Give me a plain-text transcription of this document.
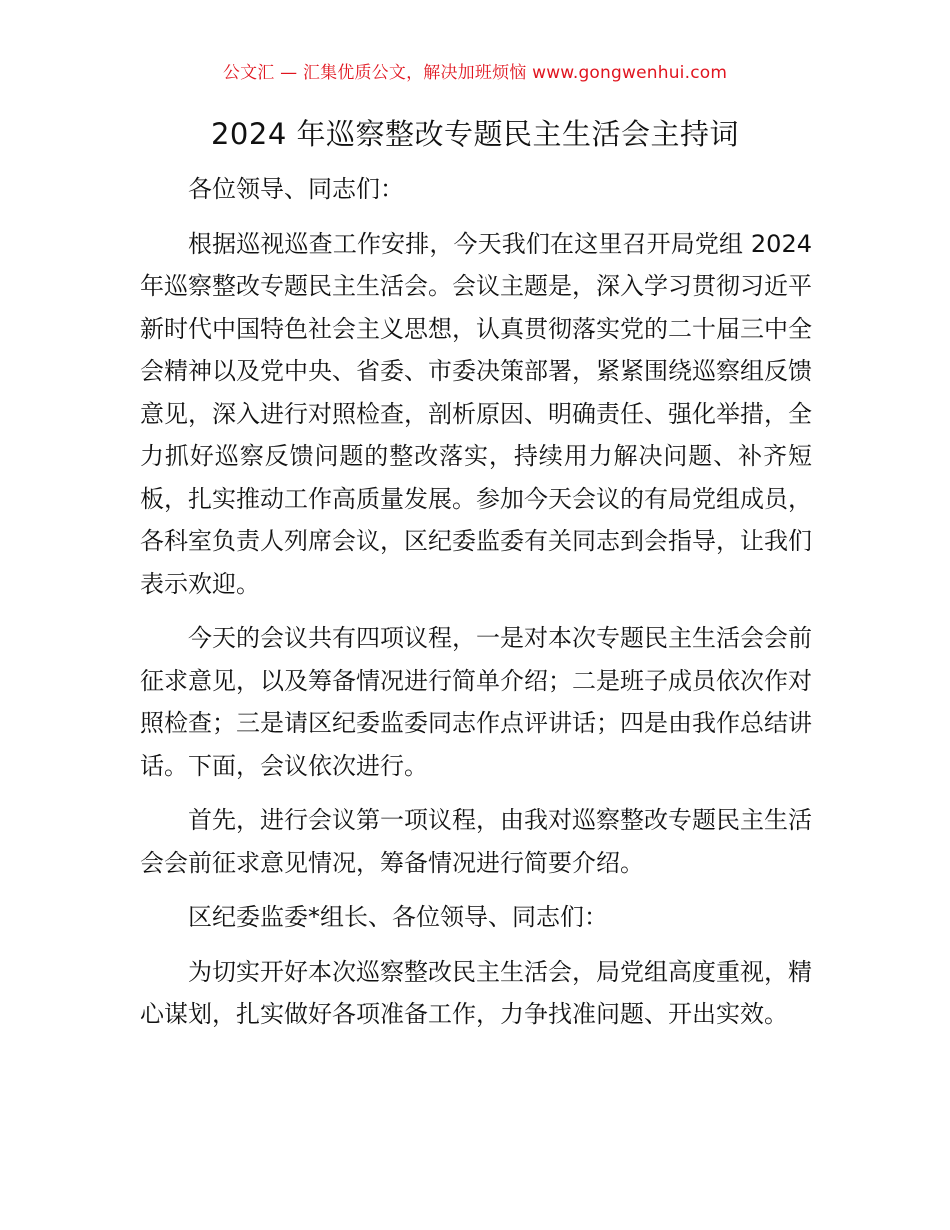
公文汇 — 汇集优质公文，解决加班烦恼 www.gongwenhui.com
2024 年巡察整改专题民主生活会主持词

各位领导、同志们：

根据巡视巡查工作安排，今天我们在这里召开局党组 2024 年巡察整改专题民主生活会。会议主题是，深入学习贯彻习近平新时代中国特色社会主义思想，认真贯彻落实党的二十届三中全会精神以及党中央、省委、市委决策部署，紧紧围绕巡察组反馈意见，深入进行对照检查，剖析原因、明确责任、强化举措，全力抓好巡察反馈问题的整改落实，持续用力解决问题、补齐短板，扎实推动工作高质量发展。参加今天会议的有局党组成员，各科室负责人列席会议，区纪委监委有关同志到会指导，让我们表示欢迎。

今天的会议共有四项议程，一是对本次专题民主生活会会前征求意见，以及筹备情况进行简单介绍；二是班子成员依次作对照检查；三是请区纪委监委同志作点评讲话；四是由我作总结讲话。下面，会议依次进行。

首先，进行会议第一项议程，由我对巡察整改专题民主生活会会前征求意见情况，筹备情况进行简要介绍。

区纪委监委*组长、各位领导、同志们：

为切实开好本次巡察整改民主生活会，局党组高度重视，精心谋划，扎实做好各项准备工作，力争找准问题、开出实效。
